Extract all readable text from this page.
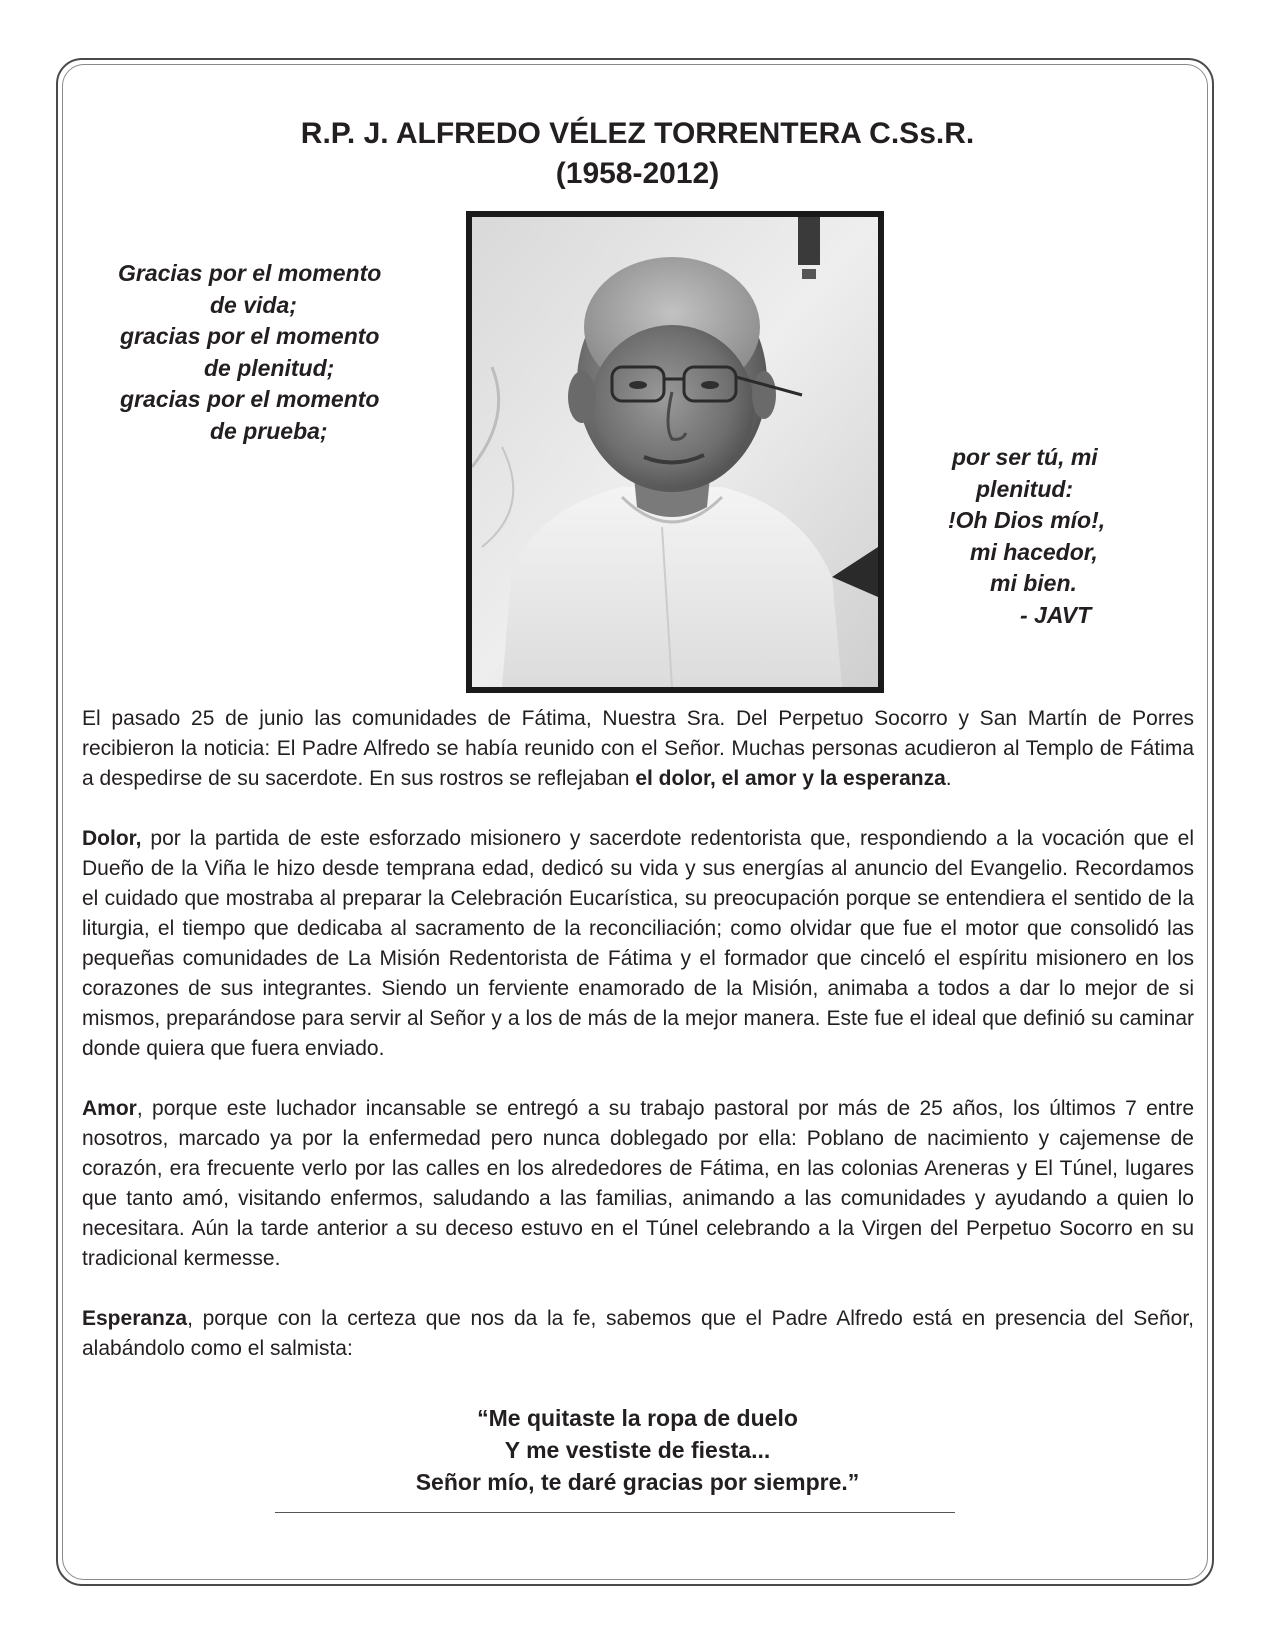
R.P. J. ALFREDO VÉLEZ TORRENTERA C.Ss.R.
(1958-2012)
Gracias por el momento
de vida;
gracias por el momento
de plenitud;
gracias por el momento
de prueba;
por ser tú, mi
plenitud:
!Oh Dios mío!,
mi hacedor,
mi bien.
- JAVT

El pasado 25 de junio las comunidades de Fátima, Nuestra Sra. Del Perpetuo Socorro y San Martín de Porres recibieron la noticia: El Padre Alfredo se había reunido con el Señor. Muchas personas acudieron al Templo de Fátima a despedirse de su sacerdote. En sus rostros se reflejaban el dolor, el amor y la esperanza.

Dolor, por la partida de este esforzado misionero y sacerdote redentorista que, respondiendo a la vocación que el Dueño de la Viña le hizo desde temprana edad, dedicó su vida y sus energías al anuncio del Evangelio. Recordamos el cuidado que mostraba al preparar la Celebración Eucarística, su preocupación porque se entendiera el sentido de la liturgia, el tiempo que dedicaba al sacramento de la reconciliación; como olvidar que fue el motor que consolidó las pequeñas comunidades de La Misión Redentorista de Fátima y el formador que cinceló el espíritu misionero en los corazones de sus integrantes. Siendo un ferviente enamorado de la Misión, animaba a todos a dar lo mejor de si mismos, preparándose para servir al Señor y a los de más de la mejor manera. Este fue el ideal que definió su caminar donde quiera que fuera enviado.

Amor, porque este luchador incansable se entregó a su trabajo pastoral por más de 25 años, los últimos 7 entre nosotros, marcado ya por la enfermedad pero nunca doblegado por ella: Poblano de nacimiento y cajemense de corazón, era frecuente verlo por las calles en los alrededores de Fátima, en las colonias Areneras y El Túnel, lugares que tanto amó, visitando enfermos, saludando a las familias, animando a las comunidades y ayudando a quien lo necesitara. Aún la tarde anterior a su deceso estuvo en el Túnel celebrando a la Virgen del Perpetuo Socorro en su tradicional kermesse.

Esperanza, porque con la certeza que nos da la fe, sabemos que el Padre Alfredo está en presencia del Señor, alabándolo como el salmista:

“Me quitaste la ropa de duelo
Y me vestiste de fiesta...
Señor mío, te daré gracias por siempre.”
